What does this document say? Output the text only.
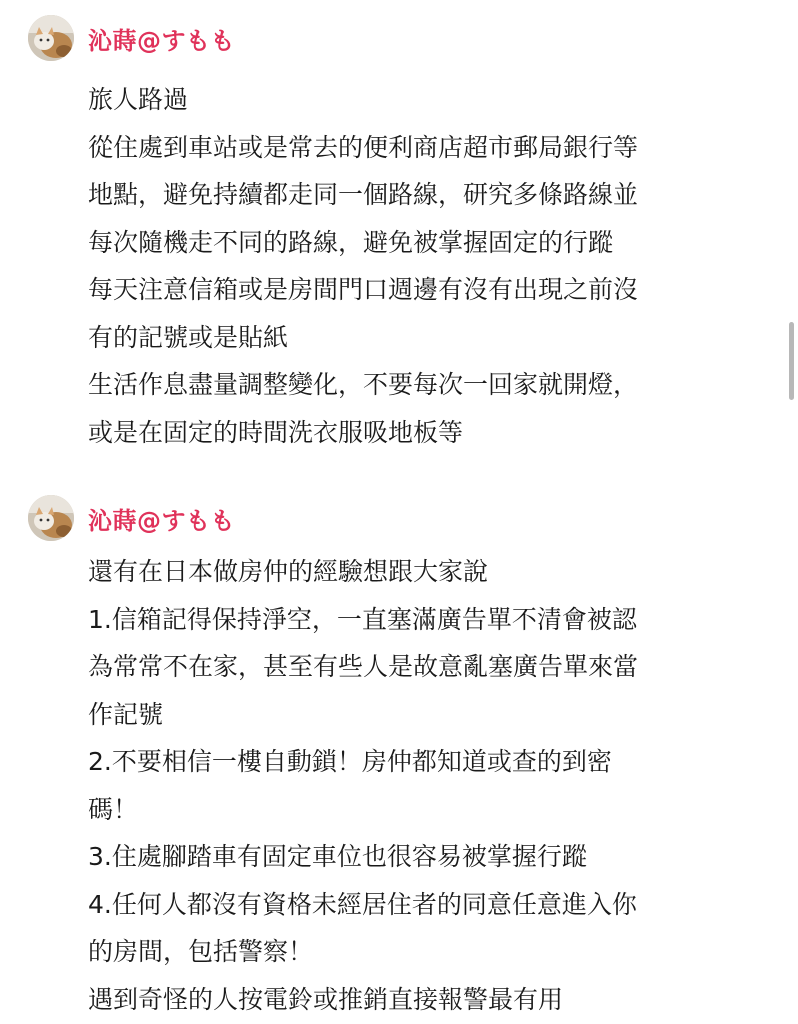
沁蒔@すもも
旅人路過
從住處到車站或是常去的便利商店超市郵局銀行等
地點，避免持續都走同一個路線，研究多條路線並
每次隨機走不同的路線，避免被掌握固定的行蹤
每天注意信箱或是房間門口週邊有沒有出現之前沒
有的記號或是貼紙
生活作息盡量調整變化，不要每次一回家就開燈，
或是在固定的時間洗衣服吸地板等
沁蒔@すもも
還有在日本做房仲的經驗想跟大家說
1.信箱記得保持淨空，一直塞滿廣告單不清會被認
為常常不在家，甚至有些人是故意亂塞廣告單來當
作記號
2.不要相信一樓自動鎖！房仲都知道或查的到密
碼！
3.住處腳踏車有固定車位也很容易被掌握行蹤
4.任何人都沒有資格未經居住者的同意任意進入你
的房間，包括警察！
遇到奇怪的人按電鈴或推銷直接報警最有用
